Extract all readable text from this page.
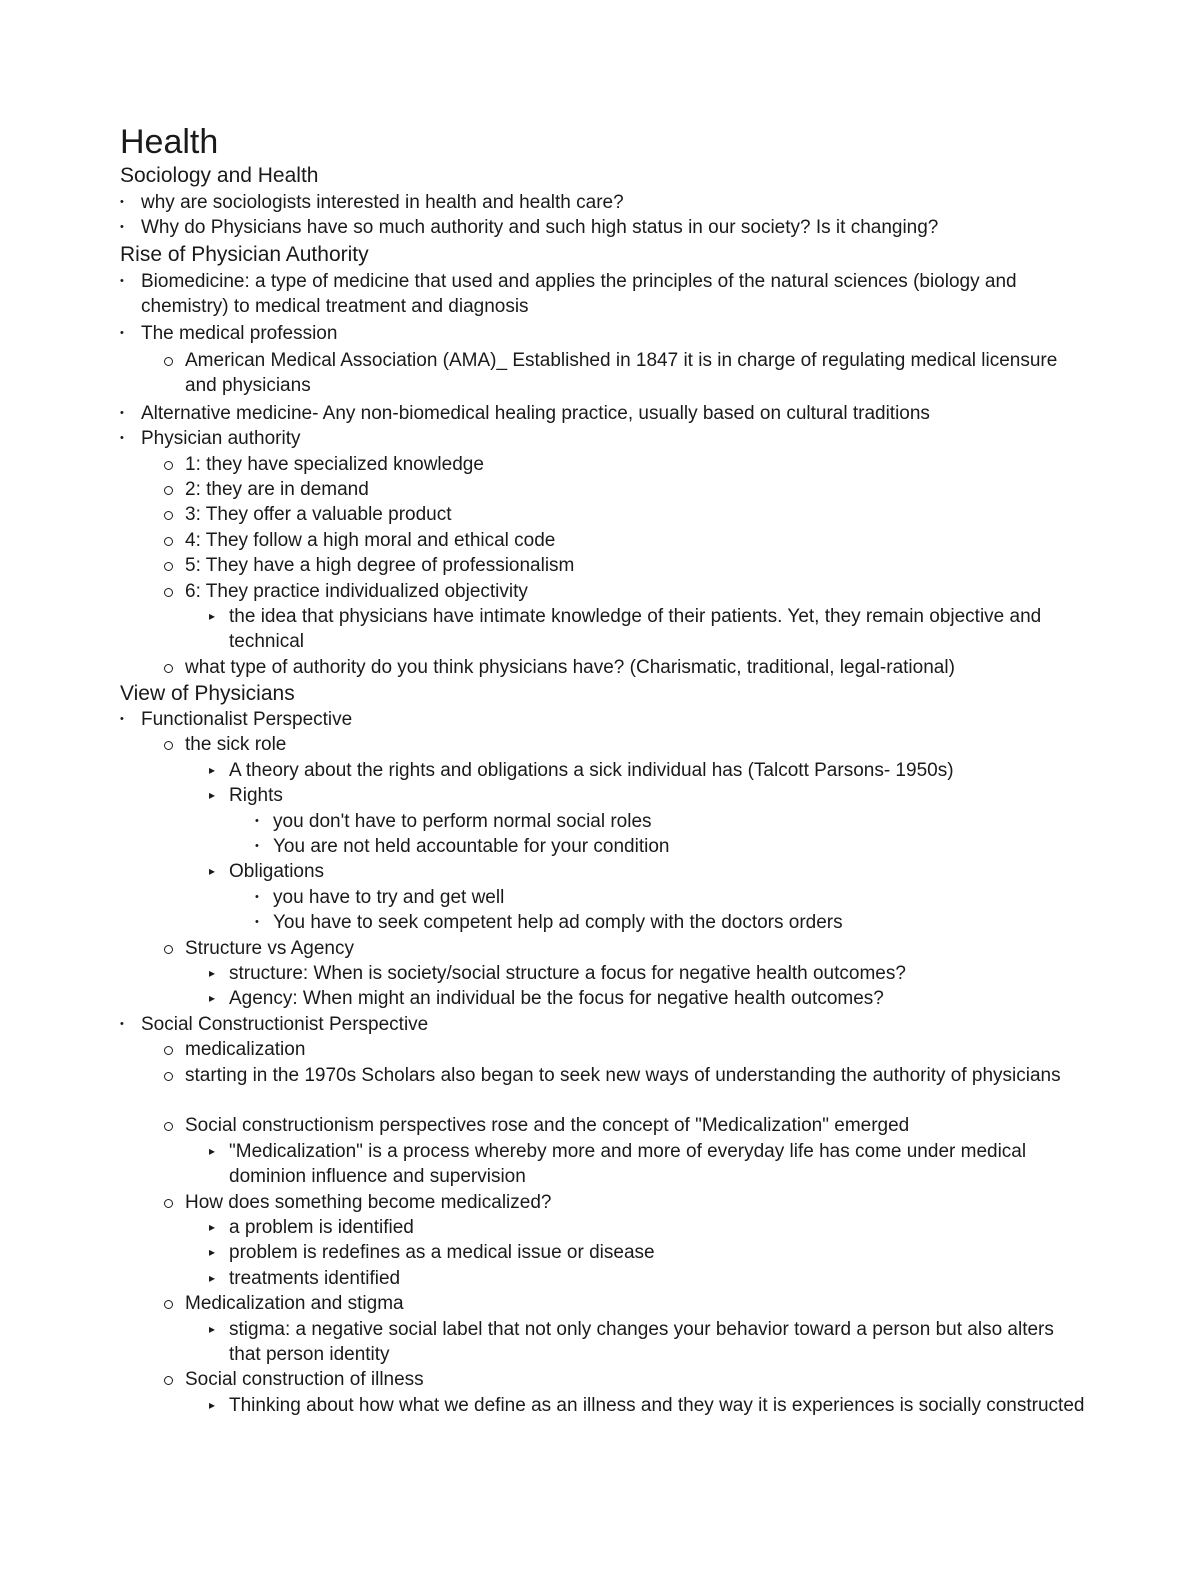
Health
Sociology and Health
why are sociologists interested in health and health care?
Why do Physicians have so much authority and such high status in our society? Is it changing?
Rise of Physician Authority
Biomedicine: a type of medicine that used and applies the principles of the natural sciences (biology and chemistry) to medical treatment and diagnosis
The medical profession
American Medical Association (AMA)_ Established in 1847 it is in charge of regulating medical licensure and physicians
Alternative medicine- Any non-biomedical healing practice, usually based on cultural traditions
Physician authority
1: they have specialized knowledge
2: they are in demand
3: They offer a valuable product
4: They follow a high moral and ethical code
5: They have a high degree of professionalism
6: They practice individualized objectivity
the idea that physicians have intimate knowledge of their patients. Yet, they remain objective and technical
what type of authority do you think physicians have? (Charismatic, traditional, legal-rational)
View of Physicians
Functionalist Perspective
the sick role
A theory about the rights and obligations a sick individual has (Talcott Parsons- 1950s)
Rights
you don't have to perform normal social roles
You are not held accountable for your condition
Obligations
you have to try and get well
You have to seek competent help ad comply with the doctors orders
Structure vs Agency
structure: When is society/social structure a focus for negative health outcomes?
Agency: When might an individual be the focus for negative health outcomes?
Social Constructionist Perspective
medicalization
starting in the 1970s Scholars also began to seek new ways of understanding the authority of physicians
Social constructionism perspectives rose and the concept of "Medicalization" emerged
"Medicalization" is a process whereby more and more of everyday life has come under medical dominion influence and supervision
How does something become medicalized?
a problem is identified
problem is redefines as a medical issue or disease
treatments identified
Medicalization and stigma
stigma: a negative social label that not only changes your behavior toward a person but also alters that person identity
Social construction of illness
Thinking about how what we define as an illness and they way it is experiences is socially constructed
